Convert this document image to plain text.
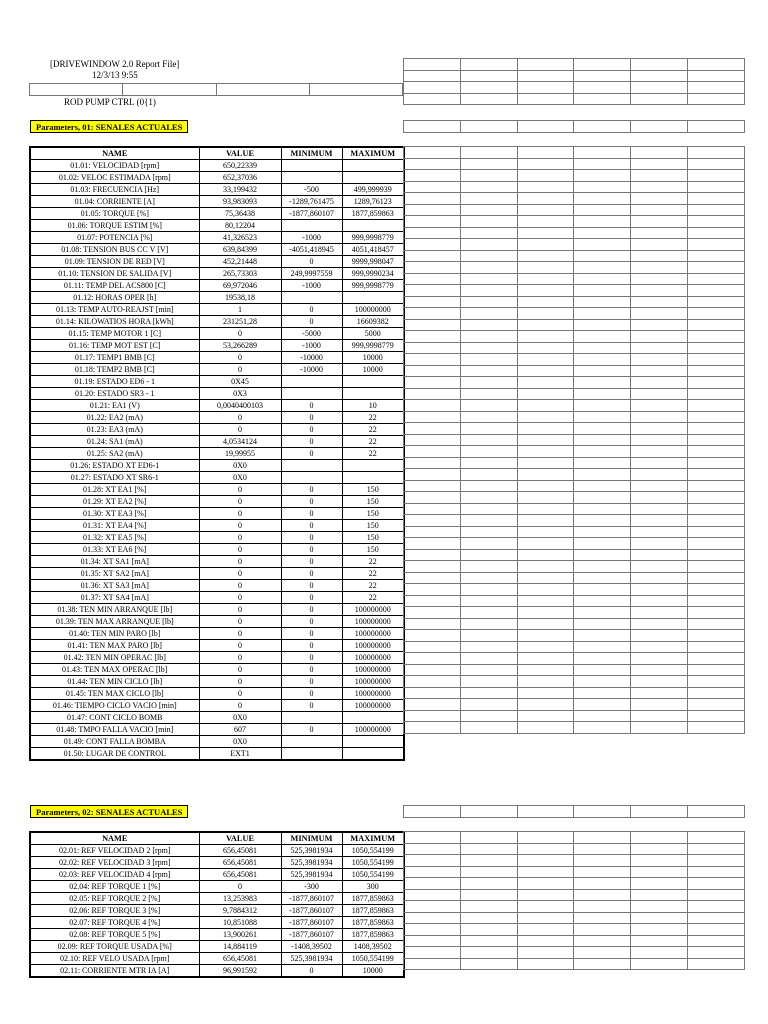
[DRIVEWINDOW 2.0 Report File]
12/3/13 9:55

ROD PUMP CTRL (0{1)

Parameters, 01: SENALES ACTUALES

NAME	VALUE	MINIMUM	MAXIMUM
01.01: VELOCIDAD [rpm]	650,22339		
01.02: VELOC ESTIMADA [rpm]	652,37036		
01.03: FRECUENCIA [Hz]	33,199432	-500	499,999939
01.04: CORRIENTE [A]	93,983093	-1289,761475	1289,76123
01.05: TORQUE [%]	75,36438	-1877,860107	1877,859863
01.06: TORQUE ESTIM [%]	80,12204		
01.07: POTENCIA [%]	41,326523	-1000	999,9998779
01.08: TENSION BUS CC V [V]	639,84399	-4051,418945	4051,418457
01.09: TENSION DE RED [V]	452,21448	0	9999,998047
01.10: TENSION DE SALIDA [V]	265,73303	249,9997559	999,9990234
01.11: TEMP DEL ACS800 [C]	69,972046	-1000	999,9998779
01.12: HORAS OPER [h]	19538,18		
01.13: TEMP AUTO-REAJST [min]	1	0	100000000
01.14: KILOWATIOS HORA [kWh]	231251,28	0	16609382
01.15: TEMP MOTOR 1 [C]	0	-5000	5000
01.16: TEMP MOT EST [C]	53,266289	-1000	999,9998779
01.17: TEMP1 BMB [C]	0	-10000	10000
01.18: TEMP2 BMB [C]	0	-10000	10000
01.19: ESTADO ED6 - 1	0X45		
01.20: ESTADO SR3 - 1	0X3		
01.21: EA1 (V)	0,0040400103	0	10
01.22: EA2 (mA)	0	0	22
01.23: EA3 (mA)	0	0	22
01.24: SA1 (mA)	4,0534124	0	22
01.25: SA2 (mA)	19,99955	0	22
01.26: ESTADO XT ED6-1	0X0		
01.27: ESTADO XT SR6-1	0X0		
01.28: XT EA1 [%]	0	0	150
01.29: XT EA2 [%]	0	0	150
01.30: XT EA3 [%]	0	0	150
01.31: XT EA4 [%]	0	0	150
01.32: XT EA5 [%]	0	0	150
01.33: XT EA6 [%]	0	0	150
01.34: XT SA1 [mA]	0	0	22
01.35: XT SA2 [mA]	0	0	22
01.36: XT SA3 [mA]	0	0	22
01.37: XT SA4 [mA]	0	0	22
01.38: TEN MIN ARRANQUE [lb]	0	0	100000000
01.39: TEN MAX ARRANQUE [lb]	0	0	100000000
01.40: TEN MIN PARO [lb]	0	0	100000000
01.41: TEN MAX PARO [lb]	0	0	100000000
01.42: TEN MIN OPERAC [lb]	0	0	100000000
01.43: TEN MAX OPERAC [lb]	0	0	100000000
01.44: TEN MIN CICLO [lb]	0	0	100000000
01.45: TEN MAX CICLO [lb]	0	0	100000000
01.46: TIEMPO CICLO VACIO [min]	0	0	100000000
01.47: CONT CICLO BOMB	0X0		
01.48: TMPO FALLA VACIO [min]	607	0	100000000
01.49: CONT FALLA BOMBA	0X0		
01.50: LUGAR DE CONTROL	EXT1		

Parameters, 02: SENALES ACTUALES

NAME	VALUE	MINIMUM	MAXIMUM
02.01: REF VELOCIDAD 2 [rpm]	656,45081	525,3981934	1050,554199
02.02: REF VELOCIDAD 3 [rpm]	656,45081	525,3981934	1050,554199
02.03: REF VELOCIDAD 4 [rpm]	656,45081	525,3981934	1050,554199
02.04: REF TORQUE 1 [%]	0	-300	300
02.05: REF TORQUE 2 [%]	13,253983	-1877,860107	1877,859863
02.06: REF TORQUE 3 [%]	9,7884312	-1877,860107	1877,859863
02.07: REF TORQUE 4 [%]	10,851088	-1877,860107	1877,859863
02.08: REF TORQUE 5 [%]	13,900261	-1877,860107	1877,859863
02.09: REF TORQUE USADA [%]	14,884119	-1408,39502	1408,39502
02.10: REF VELO USADA [rpm]	656,45081	525,3981934	1050,554199
02.11: CORRIENTE MTR IA [A]	96,991592	0	10000
